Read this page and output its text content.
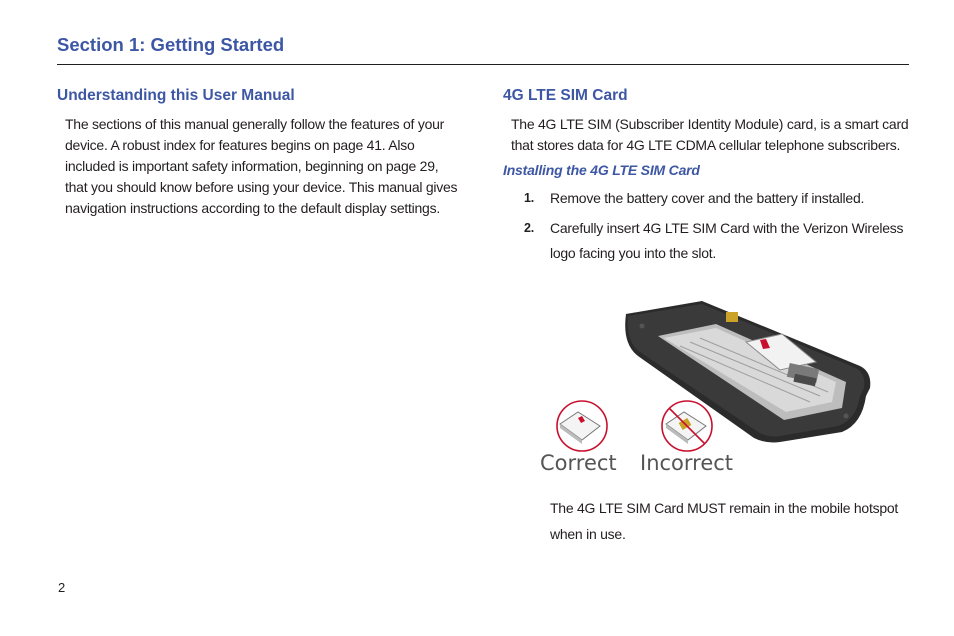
Section 1: Getting Started
Understanding this User Manual

The sections of this manual generally follow the features of your device. A robust index for features begins on page 41. Also included is important safety information, beginning on page 29, that you should know before using your device. This manual gives navigation instructions according to the default display settings.

4G LTE SIM Card

The 4G LTE SIM (Subscriber Identity Module) card, is a smart card that stores data for 4G LTE CDMA cellular telephone subscribers.

Installing the 4G LTE SIM Card
1. Remove the battery cover and the battery if installed.
2. Carefully insert 4G LTE SIM Card with the Verizon Wireless logo facing you into the slot.
Correct Incorrect

The 4G LTE SIM Card MUST remain in the mobile hotspot when in use.

2
